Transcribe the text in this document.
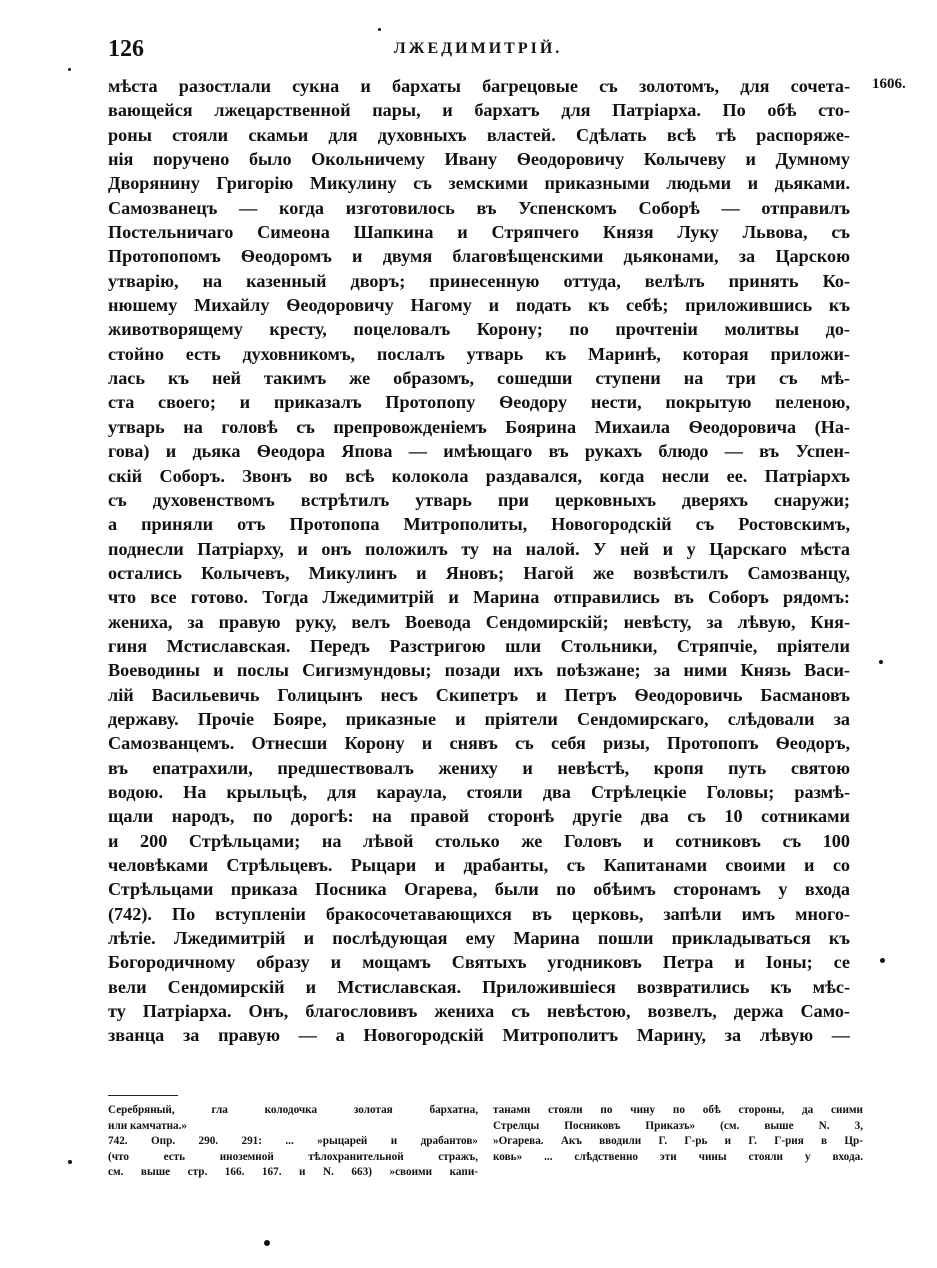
126	ЛЖЕДИМИТРІЙ.
1606.
мѣста разостлали сукна и бархаты багрецовые съ золотомъ, для сочета-
вающейся лжецарственной пары, и бархатъ для Патріарха. По обѣ сто-
роны стояли скамьи для духовныхъ властей. Сдѣлать всѣ тѣ распоряже-
нія поручено было Окольничему Ивану Ѳеодоровичу Колычеву и Думному
Дворянину Григорію Микулину съ земскими приказными людьми и дьяками.
Самозванецъ — когда изготовилось въ Успенскомъ Соборѣ — отправилъ
Постельничаго Симеона Шапкина и Стряпчего Князя Луку Львова, съ
Протопопомъ Ѳеодоромъ и двумя благовѣщенскими дьяконами, за Царскою
утварію, на казенный дворъ; принесенную оттуда, велѣлъ принять Ко-
нюшему Михайлу Ѳеодоровичу Нагому и подать къ себѣ; приложившись къ
животворящему кресту, поцеловалъ Корону; по прочтеніи молитвы до-
стойно есть духовникомъ, послалъ утварь къ Маринѣ, которая приложи-
лась къ ней такимъ же образомъ, сошедши ступени на три съ мѣ-
ста своего; и приказалъ Протопопу Ѳеодору нести, покрытую пеленою,
утварь на головѣ съ препровожденіемъ Боярина Михаила Ѳеодоровича (На-
гова) и дьяка Ѳеодора Япова — имѣющаго въ рукахъ блюдо — въ Успен-
скій Соборъ. Звонъ во всѣ колокола раздавался, когда несли ее. Патріархъ
съ духовенствомъ встрѣтилъ утварь при церковныхъ дверяхъ снаружи;
а приняли отъ Протопопа Митрополиты, Новогородскій съ Ростовскимъ,
поднесли Патріарху, и онъ положилъ ту на налой. У ней и у Царскаго мѣста
остались Колычевъ, Микулинъ и Яновъ; Нагой же возвѣстилъ Самозванцу,
что все готово. Тогда Лжедимитрій и Марина отправились въ Соборъ рядомъ:
жениха, за правую руку, велъ Воевода Сендомирскій; невѣсту, за лѣвую, Кня-
гиня Мстиславская. Передъ Разстригою шли Стольники, Стряпчіе, пріятели
Воеводины и послы Сигизмундовы; позади ихъ поѣзжане; за ними Князь Васи-
лій Васильевичь Голицынъ несъ Скипетръ и Петръ Ѳеодоровичь Басмановъ
державу. Прочіе Бояре, приказные и пріятели Сендомирскаго, слѣдовали за
Самозванцемъ. Отнесши Корону и снявъ съ себя ризы, Протопопъ Ѳеодоръ,
въ епатрахили, предшествовалъ жениху и невѣстѣ, кропя путь святою
водою. На крыльцѣ, для караула, стояли два Стрѣлецкіе Головы; размѣ-
щали народъ, по дорогѣ: на правой сторонѣ другіе два съ 10 сотниками
и 200 Стрѣльцами; на лѣвой столько же Головъ и сотниковъ съ 100
человѣками Стрѣльцевъ. Рыцари и драбанты, съ Капитанами своими и со
Стрѣльцами приказа Посника Огарева, были по обѣимъ сторонамъ у входа
(742). По вступленіи бракосочетавающихся въ церковь, запѣли имъ много-
лѣтіе. Лжедимитрій и послѣдующая ему Марина пошли прикладываться къ
Богородичному образу и мощамъ Святыхъ угодниковъ Петра и Іоны; се
вели Сендомирскій и Мстиславская. Приложившіеся возвратились къ мѣс-
ту Патріарха. Онъ, благословивъ жениха съ невѣстою, возвелъ, держа Само-
званца за правую — а Новогородскій Митрополитъ Марину, за лѣвую —
Серебряный, гла колодочка золотая бархатна,
или камчатна.»
742. Опр. 290. 291: ... »рыцарей и драбантов»
(что есть иноземной тѣлохранительной стражъ,
см. выше стр. 166. 167. и N. 663) »своими капи-
танами стояли по чину по обѣ стороны, да сиими
Стрелцы Посниковъ Приказъ» (см. выше N. 3,
»Огарева. Акъ вводили Г. Г-рь и Г. Г-рия в Цр-
ковь» ... слѣдственно эти чины стояли у входа.
